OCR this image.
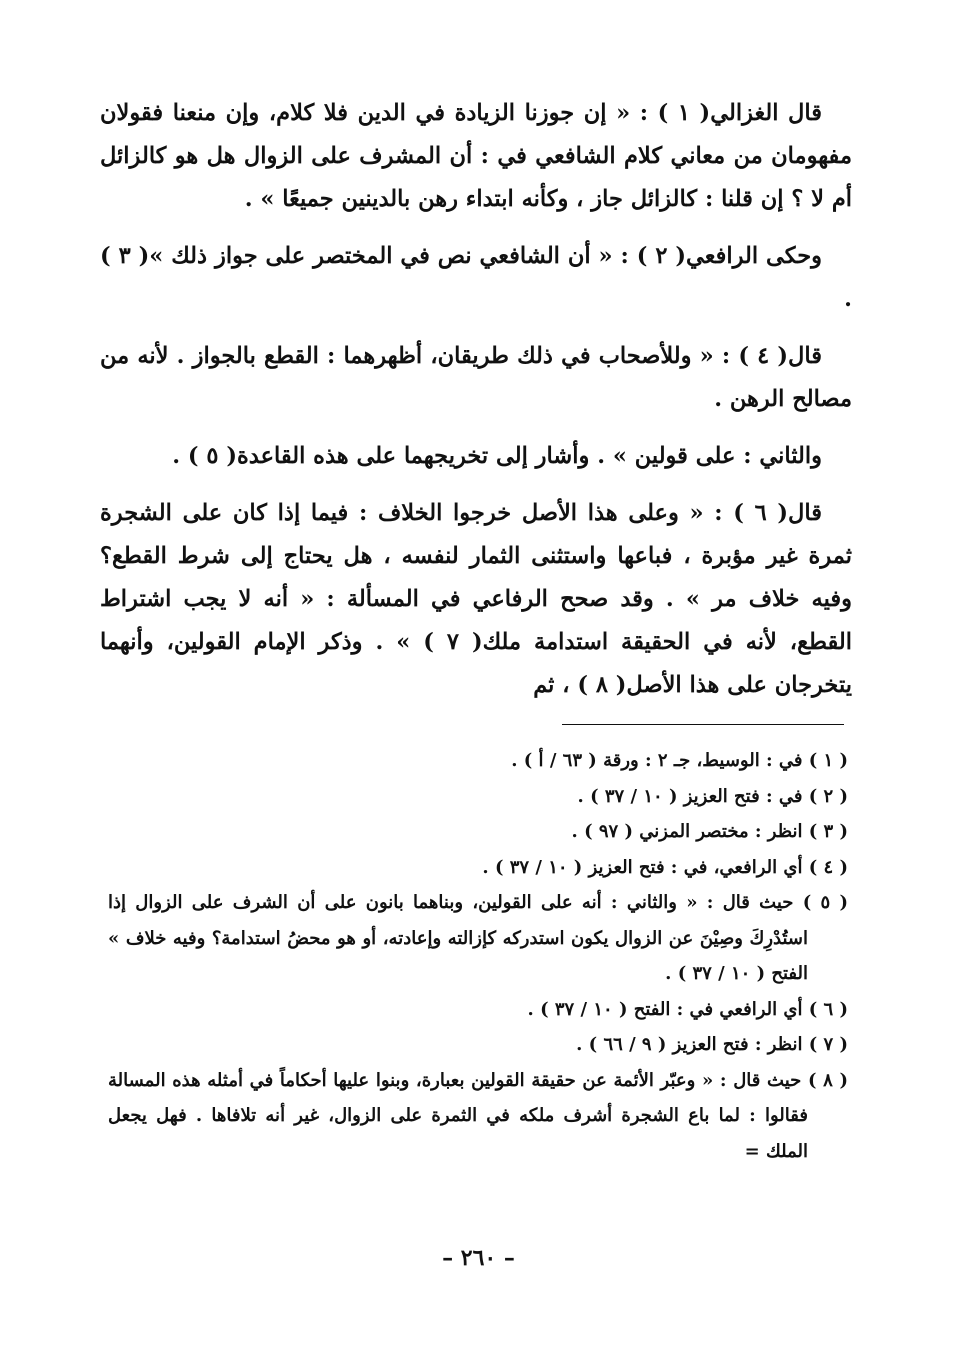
قال الغزالي( ١ ) : « إن جوزنا الزيادة في الدين فلا كلام، وإن منعنا فقولان مفهومان من معاني كلام الشافعي في : أن المشرف على الزوال هل هو كالزائل أم لا ؟ إن قلنا : كالزائل جاز ، وكأنه ابتداء رهن بالدينين جميعًا » .

وحكى الرافعي( ٢ ) : « أن الشافعي نص في المختصر على جواز ذلك »( ٣ ) .

قال( ٤ ) : « وللأصحاب في ذلك طريقان، أظهرهما : القطع بالجواز . لأنه من مصالح الرهن .

والثاني : على قولين » . وأشار إلى تخريجهما على هذه القاعدة( ٥ ) .

قال( ٦ ) : « وعلى هذا الأصل خرجوا الخلاف : فيما إذا كان على الشجرة ثمرة غير مؤبرة ، فباعها واستثنى الثمار لنفسه ، هل يحتاج إلى شرط القطع؟ وفيه خلاف مر » . وقد صحح الرفاعي في المسألة : « أنه لا يجب اشتراط القطع، لأنه في الحقيقة استدامة ملك( ٧ ) » . وذكر الإمام القولين، وأنهما يتخرجان على هذا الأصل( ٨ ) ، ثم

( ١ ) في : الوسيط، جـ ٢ : ورقة ( ٦٣ / أ ) .

( ٢ ) في : فتح العزيز ( ١٠ / ٣٧ ) .

( ٣ ) انظر : مختصر المزني ( ٩٧ ) .

( ٤ ) أي الرافعي، في : فتح العزيز ( ١٠ / ٣٧ ) .

( ٥ ) حيث قال : « والثاني : أنه على القولين، وبناهما بانون على أن الشرف على الزوال إذا استُدْرِكَ وصِيْنَ عن الزوال يكون استدركه كإزالته وإعادته، أو هو محضُ استدامة؟ وفيه خلاف » الفتح ( ١٠ / ٣٧ ) .

( ٦ ) أي الرافعي في : الفتح ( ١٠ / ٣٧ ) .

( ٧ ) انظر : فتح العزيز ( ٩ / ٦٦ ) .

( ٨ ) حيث قال : « وعبّر الأئمة عن حقيقة القولين بعبارة، وبنوا عليها أحكاماً في أمثله هذه المسالة فقالوا : لما باع الشجرة أشرف ملكه في الثمرة على الزوال، غير أنه تلافاها . فهل يجعل الملك =

– ٢٦٠ –
